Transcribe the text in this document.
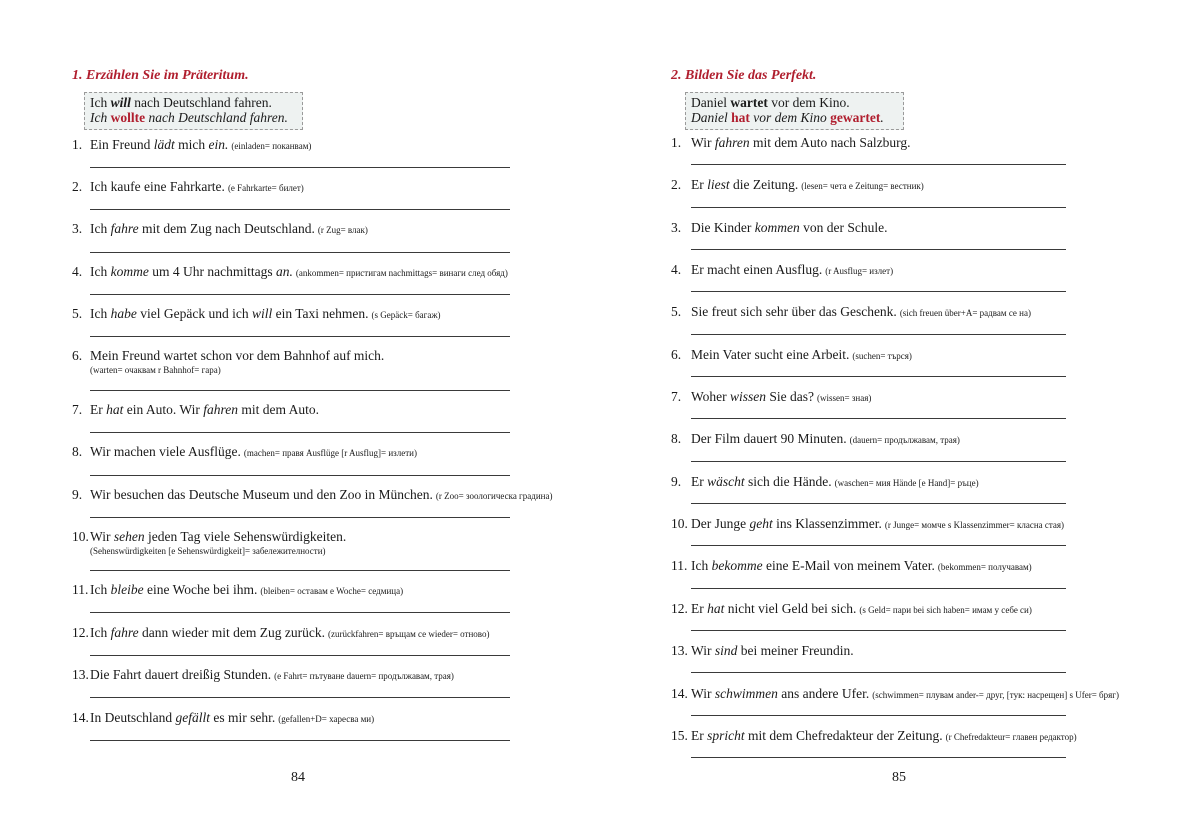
1. Erzählen Sie im Präteritum.
Ich will nach Deutschland fahren.
Ich wollte nach Deutschland fahren.
1. Ein Freund lädt mich ein. (einladen= поканвам)
2. Ich kaufe eine Fahrkarte. (e Fahrkarte= билет)
3. Ich fahre mit dem Zug nach Deutschland. (r Zug= влак)
4. Ich komme um 4 Uhr nachmittags an. (ankommen= пристигам nachmittags= винаги след обяд)
5. Ich habe viel Gepäck und ich will ein Taxi nehmen. (s Gepäck= багаж)
6. Mein Freund wartet schon vor dem Bahnhof auf mich.
(warten= очаквам r Bahnhof= гара)
7. Er hat ein Auto. Wir fahren mit dem Auto.
8. Wir machen viele Ausflüge. (machen= правя Ausflüge [r Ausflug]= излети)
9. Wir besuchen das Deutsche Museum und den Zoo in München. (r Zoo= зоологическа градина)
10. Wir sehen jeden Tag viele Sehenswürdigkeiten.
(Sehenswürdigkeiten [e Sehenswürdigkeit]= забележителности)
11. Ich bleibe eine Woche bei ihm. (bleiben= оставам e Woche= седмица)
12. Ich fahre dann wieder mit dem Zug zurück. (zurückfahren= връщам се wieder= отново)
13. Die Fahrt dauert dreißig Stunden. (e Fahrt= пътуване dauern= продължавам, трая)
14. In Deutschland gefällt es mir sehr. (gefallen+D= харесва ми)
84
2. Bilden Sie das Perfekt.
Daniel wartet vor dem Kino.
Daniel hat vor dem Kino gewartet.
1. Wir fahren mit dem Auto nach Salzburg.
2. Er liest die Zeitung. (lesen= чета e Zeitung= вестник)
3. Die Kinder kommen von der Schule.
4. Er macht einen Ausflug. (r Ausflug= излет)
5. Sie freut sich sehr über das Geschenk. (sich freuen über+A= радвам се на)
6. Mein Vater sucht eine Arbeit. (suchen= търся)
7. Woher wissen Sie das? (wissen= зная)
8. Der Film dauert 90 Minuten. (dauern= продължавам, трая)
9. Er wäscht sich die Hände. (waschen= мия Hände [e Hand]= ръце)
10. Der Junge geht ins Klassenzimmer. (r Junge= момче s Klassenzimmer= класна стая)
11. Ich bekomme eine E-Mail von meinem Vater. (bekommen= получавам)
12. Er hat nicht viel Geld bei sich. (s Geld= пари bei sich haben= имам у себе си)
13. Wir sind bei meiner Freundin.
14. Wir schwimmen ans andere Ufer. (schwimmen= плувам ander-= друг, [тук: насрещен] s Ufer= бряг)
15. Er spricht mit dem Chefredakteur der Zeitung. (r Chefredakteur= главен редактор)
85
